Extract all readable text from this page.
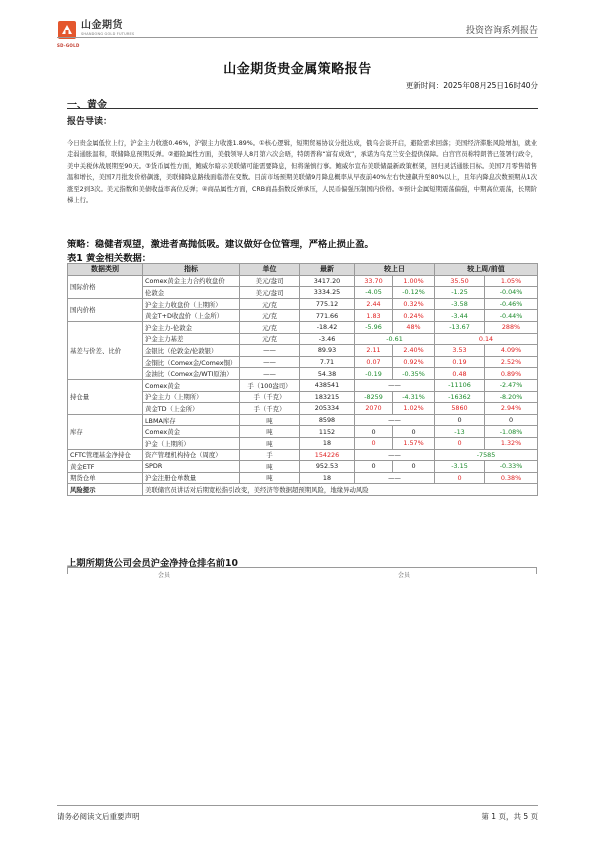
山金期货
SHANDONG GOLD FUTURES
SD-GOLD
投资咨询系列报告
山金期货贵金属策略报告
更新时间：2025年08月25日16时40分
一、黄金
报告导读：
今日贵金属低位上行，沪金主力收涨0.46%，沪银主力收涨1.89%。①核心逻辑，短期贸易协议分批达成，俄乌会谈开启，避险需求回落；美国经济滞胀风险增加，就业走弱通胀温和，联储降息预期反弹。②避险属性方面，美俄领导人8月第六次会晤，特朗普称“富有成效”，承诺为乌克兰安全提供保障。白宫官员称特朗普已签署行政令，美中关税休战展期至90天。③货币属性方面，鲍威尔暗示美联储可能需要降息，但将谨慎行事。鲍威尔宣布美联储最新政策框架，回归灵活通胀目标。美国7月零售销售温和增长，美国7月批发价格飙涨，美联储降息路线面临潜在变数。目前市场预期美联储9月降息概率从早夜前40%左右快速飙升至80%以上，且年内降息次数预期从1次涨至2到3次。美元指数和美债收益率高位反弹；④商品属性方面，CRB商品指数反弹承压，人民币偏强压制国内价格。⑤预计金属短期震荡偏强，中期高位震荡，长期阶梯上行。
策略：稳健者观望，激进者高抛低吸。建议做好仓位管理，严格止损止盈。
表1 黄金相关数据：
数据类别	指标	单位	最新	较上日		较上周/前值	
国际价格	Comex黄金主力合约收盘价	美元/盎司	3417.20	33.70	1.00%	35.50	1.05%
	伦敦金	美元/盎司	3334.25	-4.05	-0.12%	-1.25	-0.04%
国内价格	沪金主力收盘价（上期所）	元/克	775.12	2.44	0.32%	-3.58	-0.46%
	黄金T+D收盘价（上金所）	元/克	771.66	1.83	0.24%	-3.44	-0.44%
基差与价差、比价	沪金主力-伦敦金	元/克	-18.42	-5.96	48%	-13.67	288%
	沪金主力基差	元/克	-3.46	-0.61		0.14	
	金银比（伦敦金/伦敦银）	——	89.93	2.11	2.40%	3.53	4.09%
	金铜比（Comex金/Comex铜）	——	7.71	0.07	0.92%	0.19	2.52%
	金油比（Comex金/WTI原油）	——	54.38	-0.19	-0.35%	0.48	0.89%
持仓量	Comex黄金	手（100盎司）	438541	——		-11106	-2.47%
	沪金主力（上期所）	手（千克）	183215	-8259	-4.31%	-16362	-8.20%
	黄金TD（上金所）	手（千克）	205334	2070	1.02%	5860	2.94%
库存	LBMA库存	吨	8598	——		0	0
	Comex黄金	吨	1152	0	0	-13	-1.08%
	沪金（上期所）	吨	18	0	1.57%	0	1.32%
CFTC管理基金净持仓	资产管理机构持仓（周度）	手	154226	——		-7585	
黄金ETF	SPDR	吨	952.53	0	0	-3.15	-0.33%
期货仓单	沪金注册仓单数量	吨	18	——		0	0.38%
风险提示	美联储官员讲话对后期宽松指引改变，美经济等数据超预期风险，地缘异动风险						
上期所期货公司会员沪金净持仓排名前10
会员	会员
请务必阅读文后重要声明	第 1 页，共 5 页
